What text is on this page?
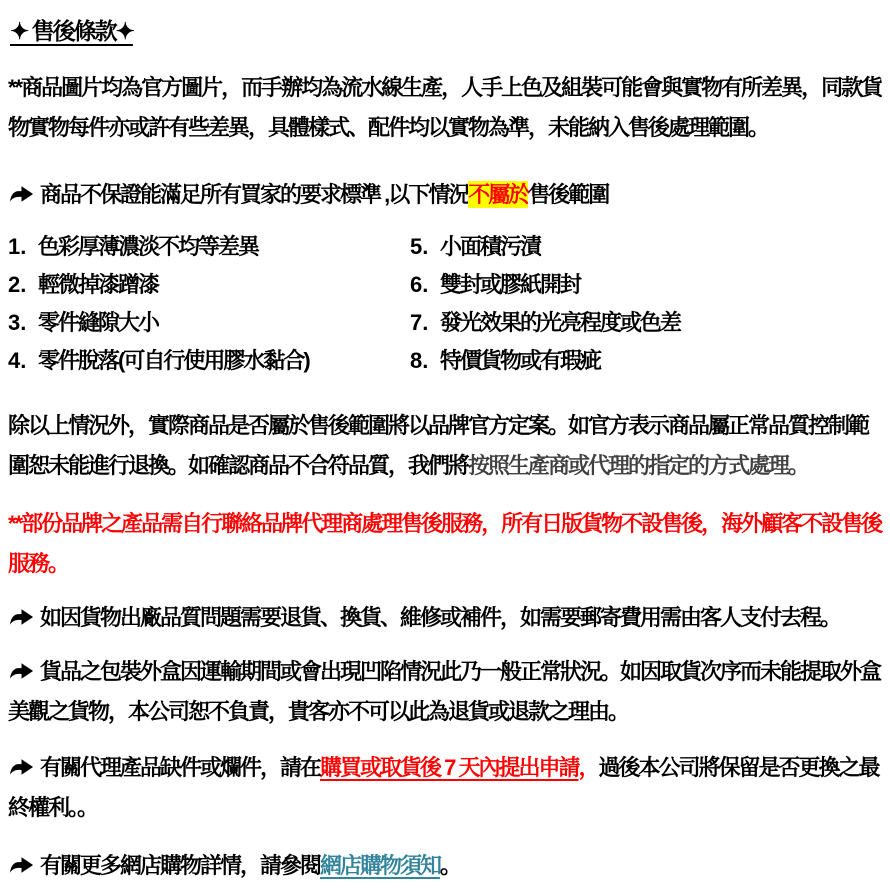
✦ 售後條款✦

**商品圖片均為官方圖片，而手辦均為流水線生產，人手上色及組裝可能會與實物有所差異，同款貨物實物每件亦或許有些差異，具體樣式、配件均以實物為準，未能納入售後處理範圍。

商品不保證能滿足所有買家的要求標準 ,以下情況不屬於售後範圍

1. 色彩厚薄濃淡不均等差異	5. 小面積污漬
2. 輕微掉漆蹭漆	6. 雙封或膠紙開封
3. 零件縫隙大小	7. 發光效果的光亮程度或色差
4. 零件脫落(可自行使用膠水黏合)	8. 特價貨物或有瑕疵

除以上情況外，實際商品是否屬於售後範圍將以品牌官方定案。如官方表示商品屬正常品質控制範圍恕未能進行退換。如確認商品不合符品質，我們將按照生產商或代理的指定的方式處理。

**部份品牌之產品需自行聯絡品牌代理商處理售後服務，所有日版貨物不設售後，海外顧客不設售後服務。

如因貨物出廠品質問題需要退貨、換貨、維修或補件，如需要郵寄費用需由客人支付去程。

貨品之包裝外盒因運輸期間或會出現凹陷情況此乃一般正常狀況。如因取貨次序而未能提取外盒美觀之貨物，本公司恕不負責，貴客亦不可以此為退貨或退款之理由。

有關代理產品缺件或爛件，請在購買或取貨後 7 天內提出申請，過後本公司將保留是否更換之最終權利。。

有關更多網店購物詳情，請參閱網店購物須知。
